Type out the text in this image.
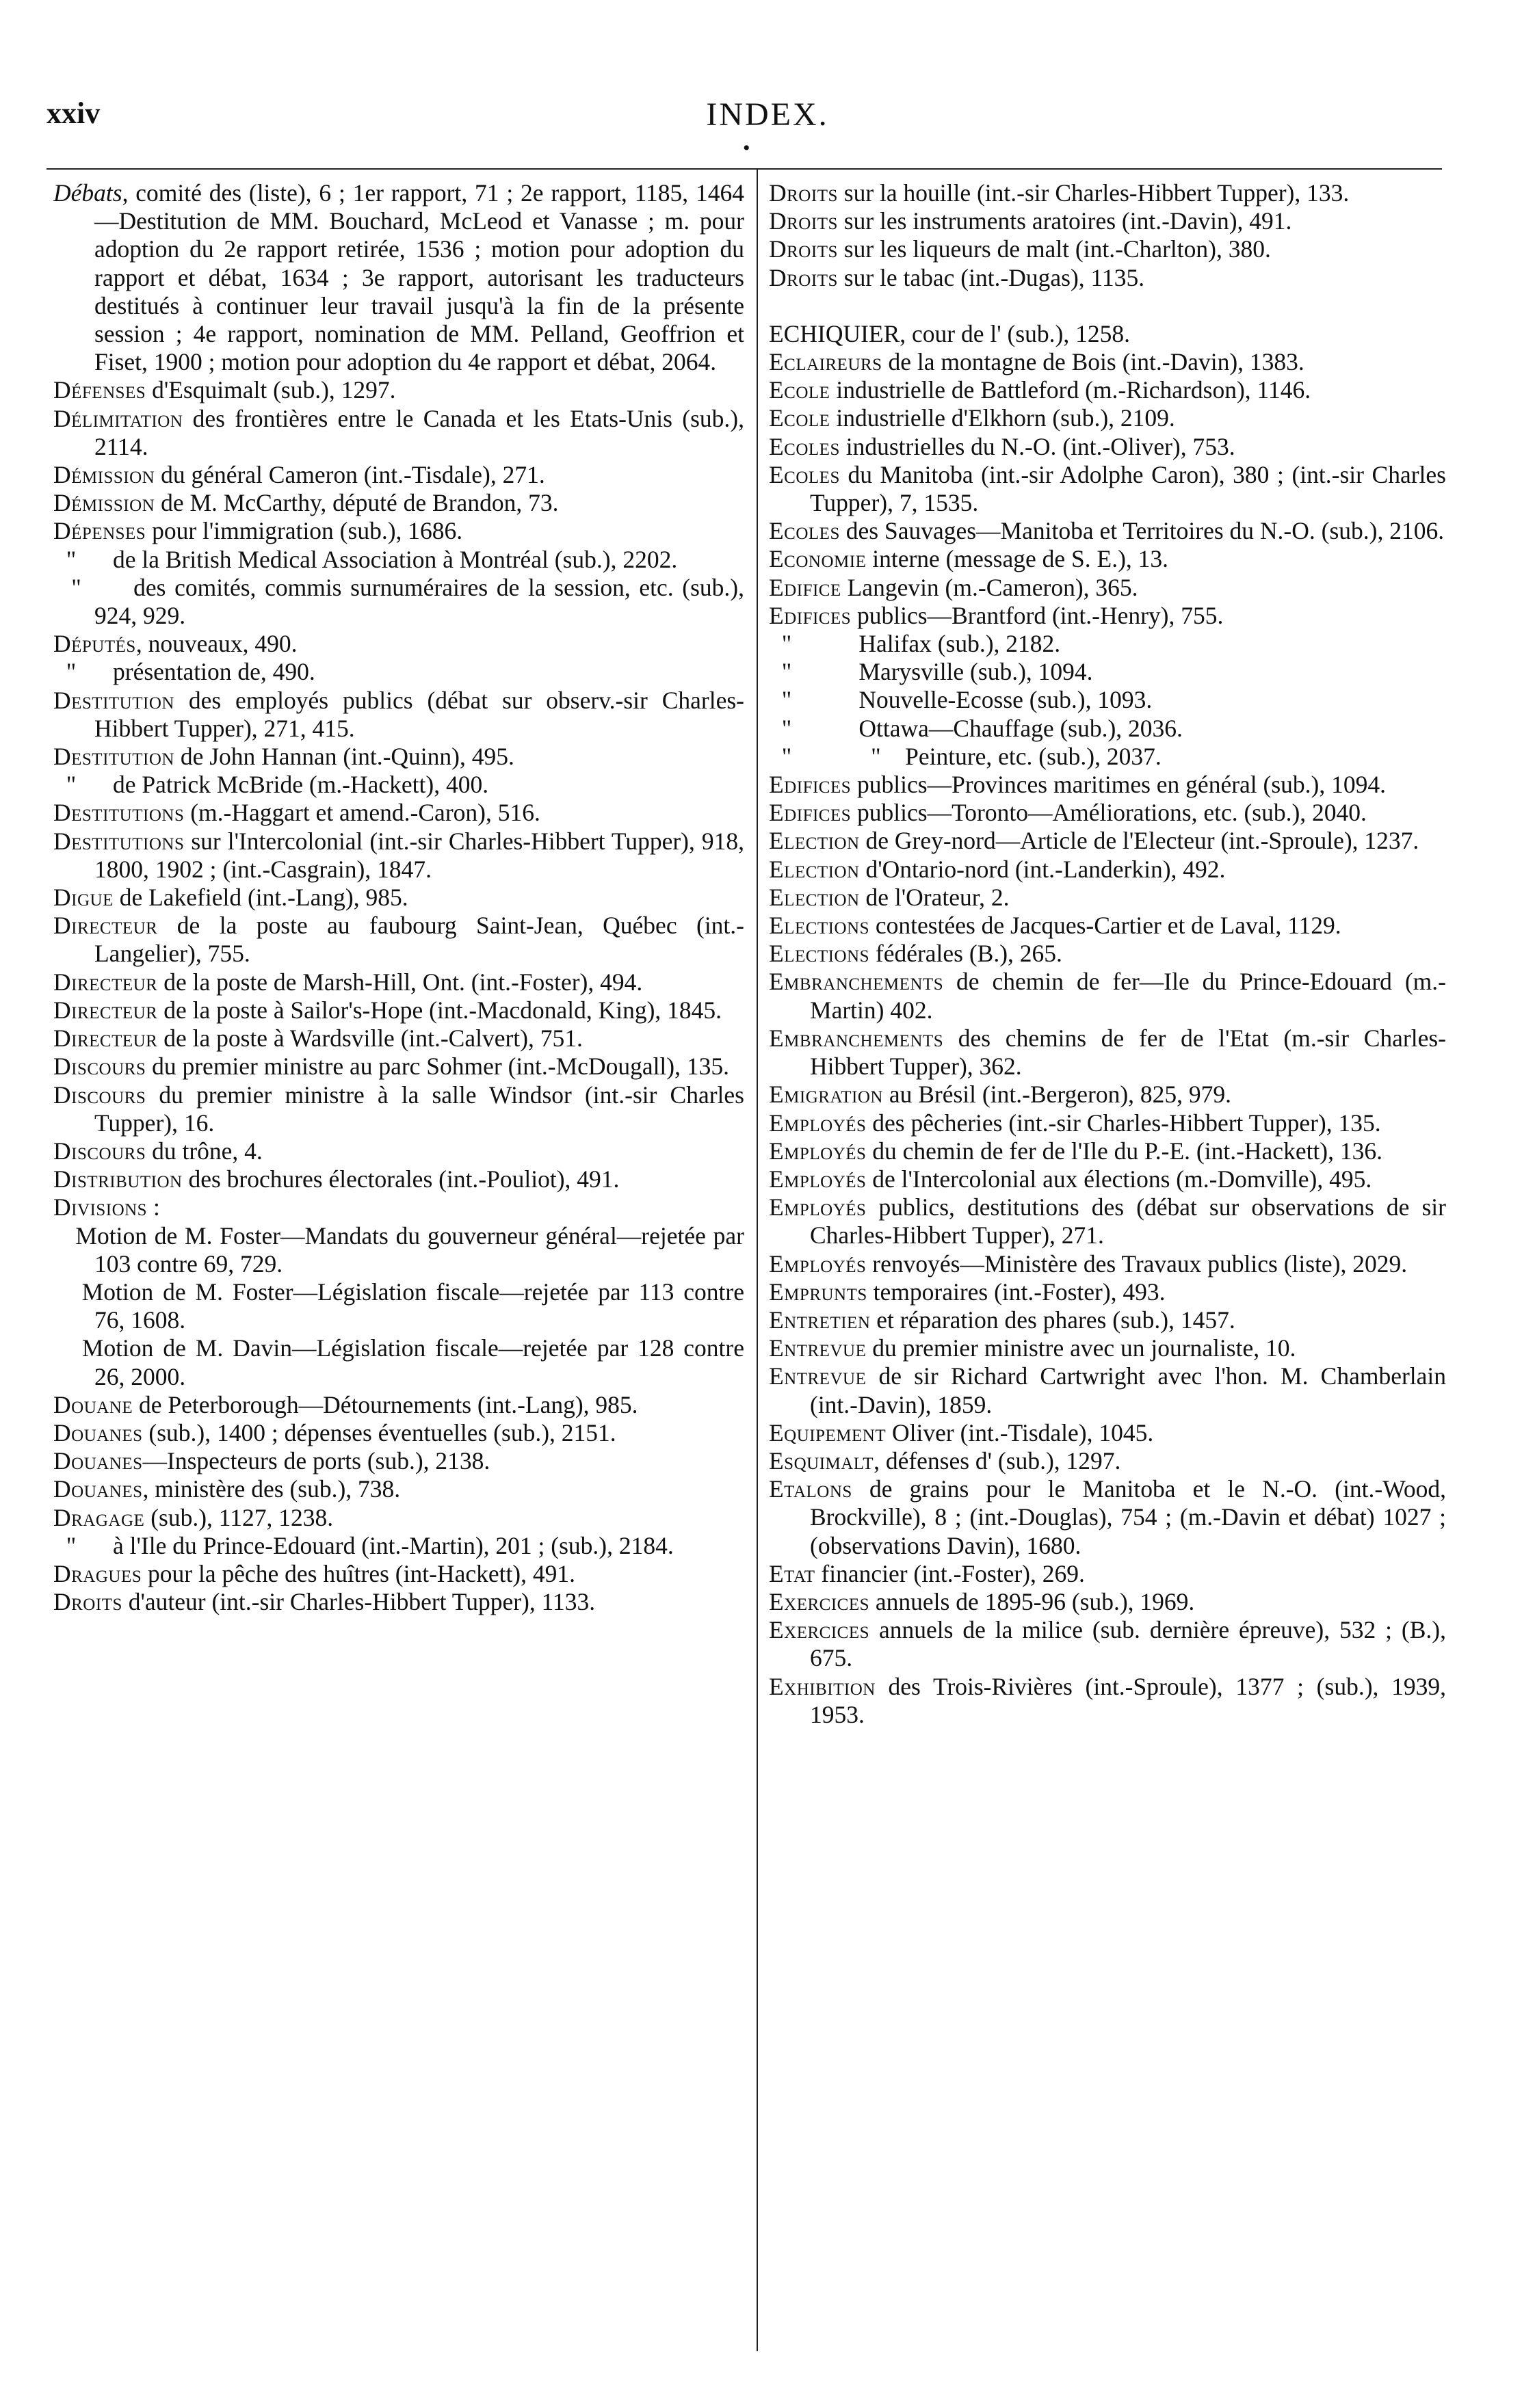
xxiv	INDEX.
•

Débats, comité des (liste), 6 ; 1er rapport, 71 ; 2e rapport, 1185, 1464—Destitution de MM. Bouchard, McLeod et Vanasse ; m. pour adoption du 2e rapport retirée, 1536 ; motion pour adoption du rapport et débat, 1634 ; 3e rapport, autorisant les traducteurs destitués à continuer leur travail jusqu'à la fin de la présente session ; 4e rapport, nomination de MM. Pelland, Geoffrion et Fiset, 1900 ; motion pour adoption du 4e rapport et débat, 2064.

Défenses d'Esquimalt (sub.), 1297.

Délimitation des frontières entre le Canada et les Etats-Unis (sub.), 2114.

Démission du général Cameron (int.-Tisdale), 271.

Démission de M. McCarthy, député de Brandon, 73.

Dépenses pour l'immigration (sub.), 1686.

"      de la British Medical Association à Montréal (sub.), 2202.

"      des comités, commis surnuméraires de la session, etc. (sub.), 924, 929.

Députés, nouveaux, 490.

"      présentation de, 490.

Destitution des employés publics (débat sur observ.-sir Charles-Hibbert Tupper), 271, 415.

Destitution de John Hannan (int.-Quinn), 495.

"      de Patrick McBride (m.-Hackett), 400.

Destitutions (m.-Haggart et amend.-Caron), 516.

Destitutions sur l'Intercolonial (int.-sir Charles-Hibbert Tupper), 918, 1800, 1902 ; (int.-Casgrain), 1847.

Digue de Lakefield (int.-Lang), 985.

Directeur de la poste au faubourg Saint-Jean, Québec (int.-Langelier), 755.

Directeur de la poste de Marsh-Hill, Ont. (int.-Foster), 494.

Directeur de la poste à Sailor's-Hope (int.-Macdonald, King), 1845.

Directeur de la poste à Wardsville (int.-Calvert), 751.

Discours du premier ministre au parc Sohmer (int.-McDougall), 135.

Discours du premier ministre à la salle Windsor (int.-sir Charles Tupper), 16.

Discours du trône, 4.

Distribution des brochures électorales (int.-Pouliot), 491.

Divisions :

Motion de M. Foster—Mandats du gouverneur général—rejetée par 103 contre 69, 729.

Motion de M. Foster—Législation fiscale—rejetée par 113 contre 76, 1608.

Motion de M. Davin—Législation fiscale—rejetée par 128 contre 26, 2000.

Douane de Peterborough—Détournements (int.-Lang), 985.

Douanes (sub.), 1400 ; dépenses éventuelles (sub.), 2151.

Douanes—Inspecteurs de ports (sub.), 2138.

Douanes, ministère des (sub.), 738.

Dragage (sub.), 1127, 1238.

"      à l'Ile du Prince-Edouard (int.-Martin), 201 ; (sub.), 2184.

Dragues pour la pêche des huîtres (int-Hackett), 491.

Droits d'auteur (int.-sir Charles-Hibbert Tupper), 1133.

Droits sur la houille (int.-sir Charles-Hibbert Tupper), 133.

Droits sur les instruments aratoires (int.-Davin), 491.

Droits sur les liqueurs de malt (int.-Charlton), 380.

Droits sur le tabac (int.-Dugas), 1135.

ECHIQUIER, cour de l' (sub.), 1258.

Eclaireurs de la montagne de Bois (int.-Davin), 1383.

Ecole industrielle de Battleford (m.-Richardson), 1146.

Ecole industrielle d'Elkhorn (sub.), 2109.

Ecoles industrielles du N.-O. (int.-Oliver), 753.

Ecoles du Manitoba (int.-sir Adolphe Caron), 380 ; (int.-sir Charles Tupper), 7, 1535.

Ecoles des Sauvages—Manitoba et Territoires du N.-O. (sub.), 2106.

Economie interne (message de S. E.), 13.

Edifice Langevin (m.-Cameron), 365.

Edifices publics—Brantford (int.-Henry), 755.

"           Halifax (sub.), 2182.

"           Marysville (sub.), 1094.

"           Nouvelle-Ecosse (sub.), 1093.

"           Ottawa—Chauffage (sub.), 2036.

"             "    Peinture, etc. (sub.), 2037.

Edifices publics—Provinces maritimes en général (sub.), 1094.

Edifices publics—Toronto—Améliorations, etc. (sub.), 2040.

Election de Grey-nord—Article de l'Electeur (int.-Sproule), 1237.

Election d'Ontario-nord (int.-Landerkin), 492.

Election de l'Orateur, 2.

Elections contestées de Jacques-Cartier et de Laval, 1129.

Elections fédérales (B.), 265.

Embranchements de chemin de fer—Ile du Prince-Edouard (m.-Martin) 402.

Embranchements des chemins de fer de l'Etat (m.-sir Charles-Hibbert Tupper), 362.

Emigration au Brésil (int.-Bergeron), 825, 979.

Employés des pêcheries (int.-sir Charles-Hibbert Tupper), 135.

Employés du chemin de fer de l'Ile du P.-E. (int.-Hackett), 136.

Employés de l'Intercolonial aux élections (m.-Domville), 495.

Employés publics, destitutions des (débat sur observations de sir Charles-Hibbert Tupper), 271.

Employés renvoyés—Ministère des Travaux publics (liste), 2029.

Emprunts temporaires (int.-Foster), 493.

Entretien et réparation des phares (sub.), 1457.

Entrevue du premier ministre avec un journaliste, 10.

Entrevue de sir Richard Cartwright avec l'hon. M. Chamberlain (int.-Davin), 1859.

Equipement Oliver (int.-Tisdale), 1045.

Esquimalt, défenses d' (sub.), 1297.

Etalons de grains pour le Manitoba et le N.-O. (int.-Wood, Brockville), 8 ; (int.-Douglas), 754 ; (m.-Davin et débat) 1027 ; (observations Davin), 1680.

Etat financier (int.-Foster), 269.

Exercices annuels de 1895-96 (sub.), 1969.

Exercices annuels de la milice (sub. dernière épreuve), 532 ; (B.), 675.

Exhibition des Trois-Rivières (int.-Sproule), 1377 ; (sub.), 1939, 1953.
